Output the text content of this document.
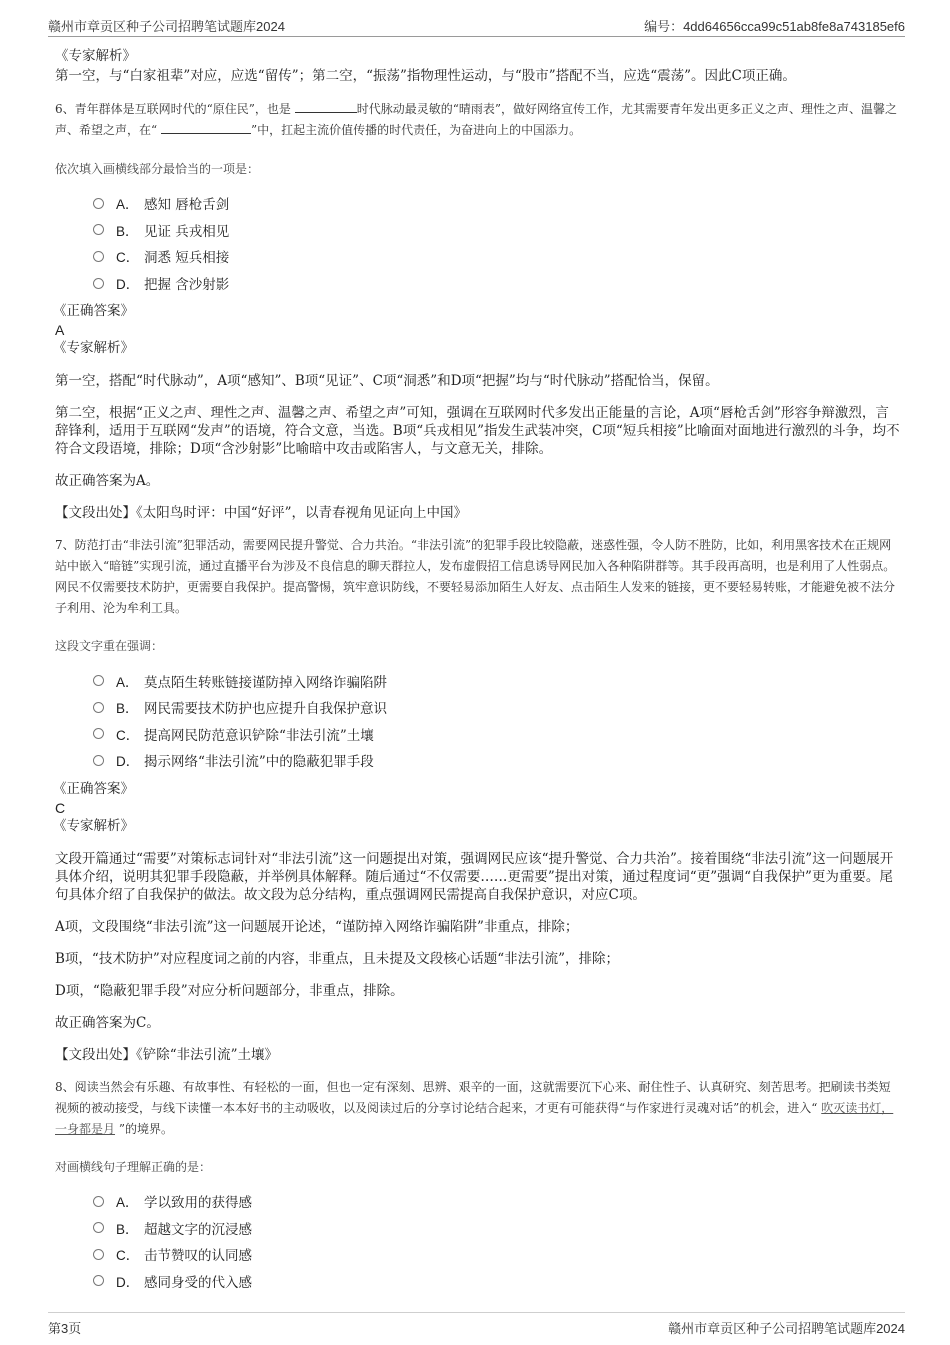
赣州市章贡区种子公司招聘笔试题库2024	编号：4dd64656cca99c51ab8fe8a743185ef6

《专家解析》

第一空，与“白家祖辈”对应，应选“留传”；第二空，“振荡”指物理性运动，与“股市”搭配不当，应选“震荡”。因此C项正确。

6、青年群体是互联网时代的“原住民”，也是	时代脉动最灵敏的“晴雨表”，做好网络宣传工作，尤其需要青年发出更多正义之声、理性之声、温馨之声、希望之声，在“	”中，扛起主流价值传播的时代责任，为奋进向上的中国添力。

依次填入画横线部分最恰当的一项是：

A． 感知 唇枪舌剑
B． 见证 兵戎相见
C． 洞悉 短兵相接
D． 把握 含沙射影

《正确答案》

A

《专家解析》

第一空，搭配“时代脉动”，A项“感知”、B项“见证”、C项“洞悉”和D项“把握”均与“时代脉动”搭配恰当，保留。

第二空，根据“正义之声、理性之声、温馨之声、希望之声”可知，强调在互联网时代多发出正能量的言论，A项“唇枪舌剑”形容争辩激烈，言辞锋利，适用于互联网“发声”的语境，符合文意，当选。B项“兵戎相见”指发生武装冲突，C项“短兵相接”比喻面对面地进行激烈的斗争，均不符合文段语境，排除；D项“含沙射影”比喻暗中攻击或陷害人，与文意无关，排除。

故正确答案为A。

【文段出处】《太阳鸟时评：中国“好评”，以青春视角见证向上中国》

7、防范打击“非法引流”犯罪活动，需要网民提升警觉、合力共治。“非法引流”的犯罪手段比较隐蔽，迷惑性强，令人防不胜防，比如，利用黑客技术在正规网站中嵌入“暗链”实现引流，通过直播平台为涉及不良信息的聊天群拉人，发布虚假招工信息诱导网民加入各种陷阱群等。其手段再高明，也是利用了人性弱点。网民不仅需要技术防护，更需要自我保护。提高警惕，筑牢意识防线，不要轻易添加陌生人好友、点击陌生人发来的链接，更不要轻易转账，才能避免被不法分子利用、沦为牟利工具。

这段文字重在强调：

A． 莫点陌生转账链接谨防掉入网络诈骗陷阱
B． 网民需要技术防护也应提升自我保护意识
C． 提高网民防范意识铲除“非法引流”土壤
D． 揭示网络“非法引流”中的隐蔽犯罪手段

《正确答案》

C

《专家解析》

文段开篇通过“需要”对策标志词针对“非法引流”这一问题提出对策，强调网民应该“提升警觉、合力共治”。接着围绕“非法引流”这一问题展开具体介绍，说明其犯罪手段隐蔽，并举例具体解释。随后通过“不仅需要……更需要”提出对策，通过程度词“更”强调“自我保护”更为重要。尾句具体介绍了自我保护的做法。故文段为总分结构，重点强调网民需提高自我保护意识，对应C项。

A项，文段围绕“非法引流”这一问题展开论述，“谨防掉入网络诈骗陷阱”非重点，排除；

B项，“技术防护”对应程度词之前的内容，非重点，且未提及文段核心话题“非法引流”，排除；

D项，“隐蔽犯罪手段”对应分析问题部分，非重点，排除。

故正确答案为C。

【文段出处】《铲除“非法引流”土壤》

8、阅读当然会有乐趣、有故事性、有轻松的一面，但也一定有深刻、思辨、艰辛的一面，这就需要沉下心来、耐住性子、认真研究、刻苦思考。把刷读书类短视频的被动接受，与线下读懂一本本好书的主动吸收，以及阅读过后的分享讨论结合起来，才更有可能获得“与作家进行灵魂对话”的机会，进入“ 吹灭读书灯，一身都是月 ”的境界。

对画横线句子理解正确的是：

A． 学以致用的获得感
B． 超越文字的沉浸感
C． 击节赞叹的认同感
D． 感同身受的代入感
第3页	赣州市章贡区种子公司招聘笔试题库2024
